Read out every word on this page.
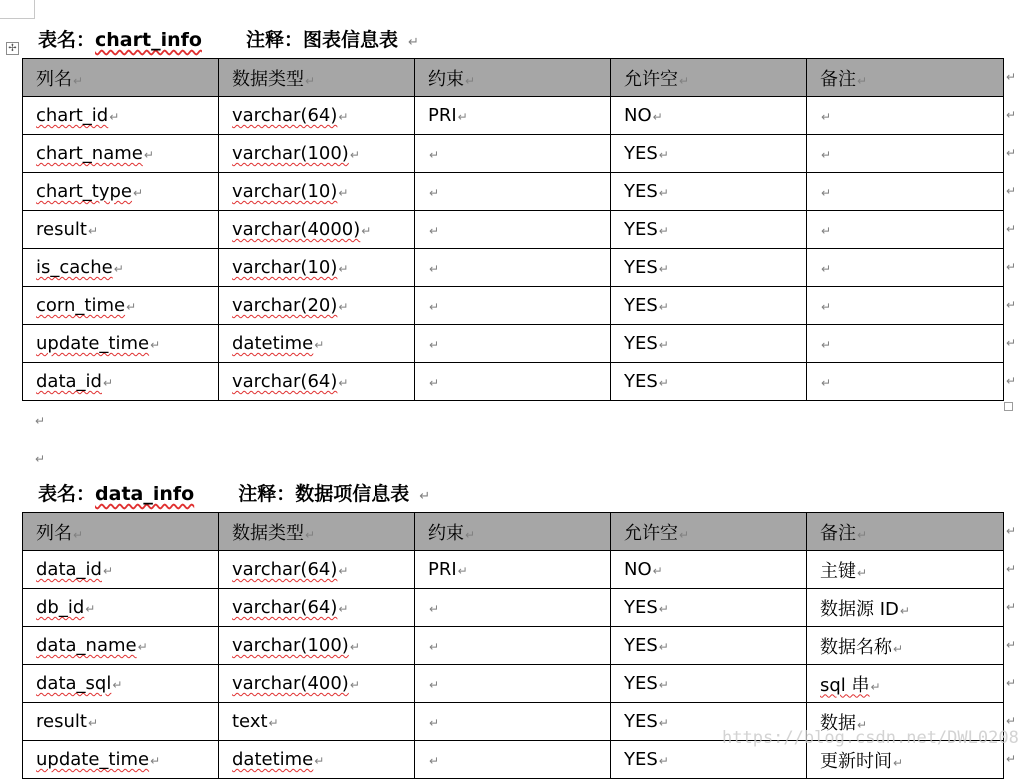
✢ 表名：chart_info 注释：图表信息表 ↵
列名↵	数据类型↵	约束↵	允许空↵	备注↵
chart_id↵	varchar(64)↵	PRI↵	NO↵	↵
chart_name↵	varchar(100)↵	↵	YES↵	↵
chart_type↵	varchar(10)↵	↵	YES↵	↵
result↵	varchar(4000)↵	↵	YES↵	↵
is_cache↵	varchar(10)↵	↵	YES↵	↵
corn_time↵	varchar(20)↵	↵	YES↵	↵
update_time↵	datetime↵	↵	YES↵	↵
data_id↵	varchar(64)↵	↵	YES↵	↵
↵
↵
表名：data_info 注释：数据项信息表 ↵
列名↵	数据类型↵	约束↵	允许空↵	备注↵
data_id↵	varchar(64)↵	PRI↵	NO↵	主键↵
db_id↵	varchar(64)↵	↵	YES↵	数据源 ID↵
data_name↵	varchar(100)↵	↵	YES↵	数据名称↵
data_sql↵	varchar(400)↵	↵	YES↵	sql 串↵
result↵	text↵	↵	YES↵	数据↵
update_time↵	datetime↵	↵	YES↵	更新时间↵
https://blog.csdn.net/DWL0208
↵
↵
↵
↵
↵
↵
↵
↵
↵
↵
↵
↵
↵
↵
↵
↵
